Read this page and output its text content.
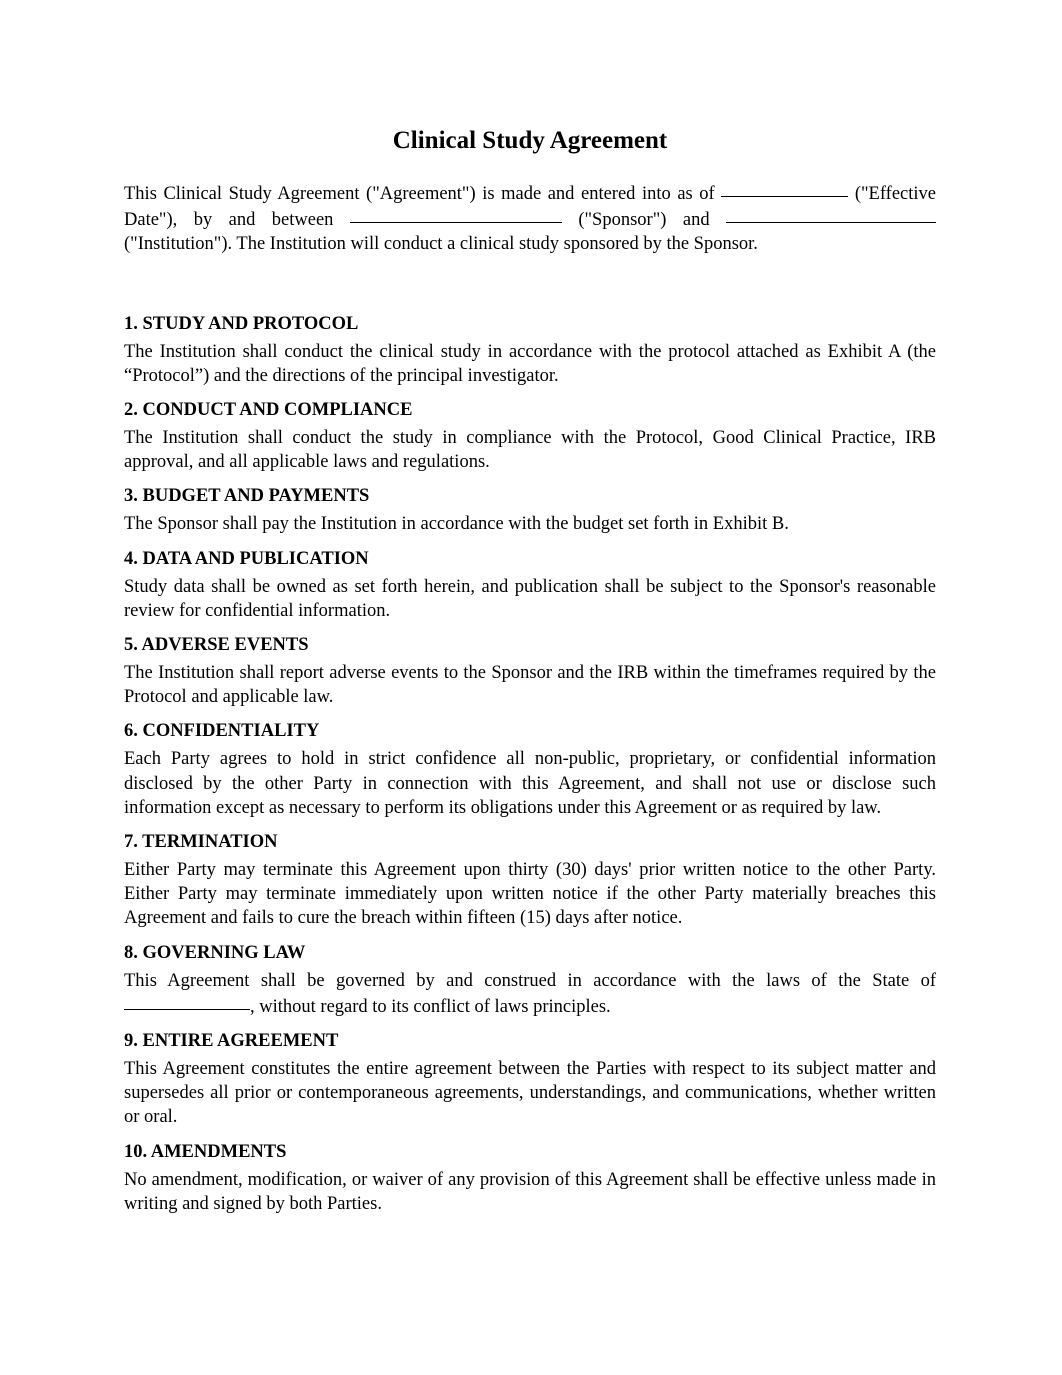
Clinical Study Agreement

This Clinical Study Agreement ("Agreement") is made and entered into as of	("Effective Date"), by and between	("Sponsor") and  ("Institution"). The Institution will conduct a clinical study sponsored by the Sponsor.

1. STUDY AND PROTOCOL

The Institution shall conduct the clinical study in accordance with the protocol attached as Exhibit A (the “Protocol”) and the directions of the principal investigator.

2. CONDUCT AND COMPLIANCE

The Institution shall conduct the study in compliance with the Protocol, Good Clinical Practice, IRB approval, and all applicable laws and regulations.

3. BUDGET AND PAYMENTS

The Sponsor shall pay the Institution in accordance with the budget set forth in Exhibit B.

4. DATA AND PUBLICATION

Study data shall be owned as set forth herein, and publication shall be subject to the Sponsor's reasonable review for confidential information.

5. ADVERSE EVENTS

The Institution shall report adverse events to the Sponsor and the IRB within the timeframes required by the Protocol and applicable law.

6. CONFIDENTIALITY

Each Party agrees to hold in strict confidence all non-public, proprietary, or confidential information disclosed by the other Party in connection with this Agreement, and shall not use or disclose such information except as necessary to perform its obligations under this Agreement or as required by law.

7. TERMINATION

Either Party may terminate this Agreement upon thirty (30) days' prior written notice to the other Party. Either Party may terminate immediately upon written notice if the other Party materially breaches this Agreement and fails to cure the breach within fifteen (15) days after notice.

8. GOVERNING LAW

This Agreement shall be governed by and construed in accordance with the laws of the State of , without regard to its conflict of laws principles.

9. ENTIRE AGREEMENT

This Agreement constitutes the entire agreement between the Parties with respect to its subject matter and supersedes all prior or contemporaneous agreements, understandings, and communications, whether written or oral.

10. AMENDMENTS

No amendment, modification, or waiver of any provision of this Agreement shall be effective unless made in writing and signed by both Parties.
